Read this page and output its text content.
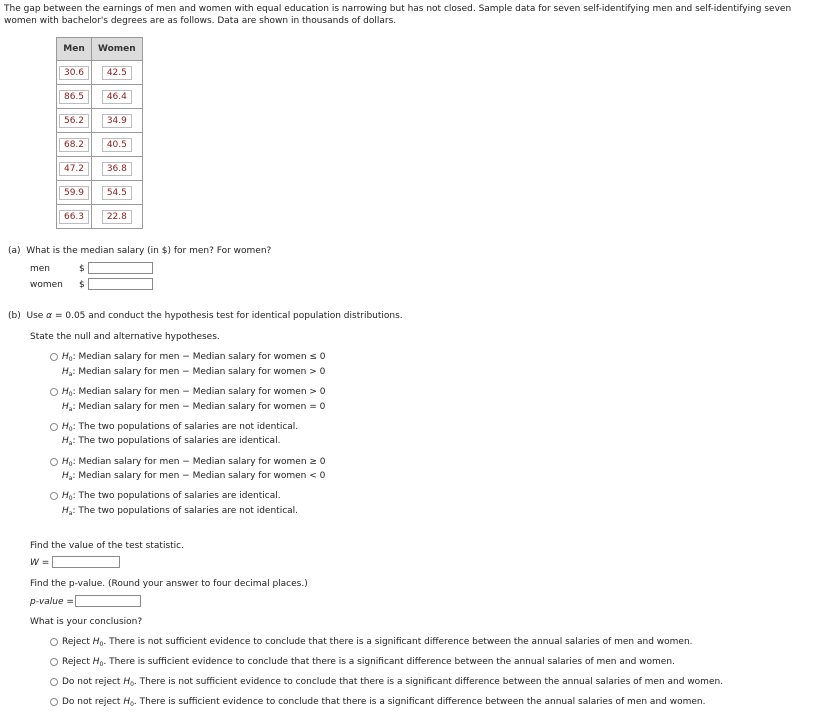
The gap between the earnings of men and women with equal education is narrowing but has not closed. Sample data for seven self-identifying men and self-identifying seven women with bachelor's degrees are as follows. Data are shown in thousands of dollars.
Men	Women
30.6	42.5
86.5	46.4
56.2	34.9
68.2	40.5
47.2	36.8
59.9	54.5
66.3	22.8
(a) What is the median salary (in $) for men? For women?
men	$
women $
(b) Use α = 0.05 and conduct the hypothesis test for identical population distributions.
State the null and alternative hypotheses.
$H_0$: Median salary for men − Median salary for women ≤ 0
$H_a$: Median salary for men − Median salary for women > 0
$H_0$: Median salary for men − Median salary for women > 0
$H_a$: Median salary for men − Median salary for women = 0
$H_0$: The two populations of salaries are not identical.
$H_a$: The two populations of salaries are identical.
$H_0$: Median salary for men − Median salary for women ≥ 0
$H_a$: Median salary for men − Median salary for women < 0
$H_0$: The two populations of salaries are identical.
$H_a$: The two populations of salaries are not identical.
Find the value of the test statistic.
W =
Find the p-value. (Round your answer to four decimal places.)
p-value =
What is your conclusion?
Reject $H_0$. There is not sufficient evidence to conclude that there is a significant difference between the annual salaries of men and women.
Reject $H_0$. There is sufficient evidence to conclude that there is a significant difference between the annual salaries of men and women.
Do not reject $H_0$. There is not sufficient evidence to conclude that there is a significant difference between the annual salaries of men and women.
Do not reject $H_0$. There is sufficient evidence to conclude that there is a significant difference between the annual salaries of men and women.
